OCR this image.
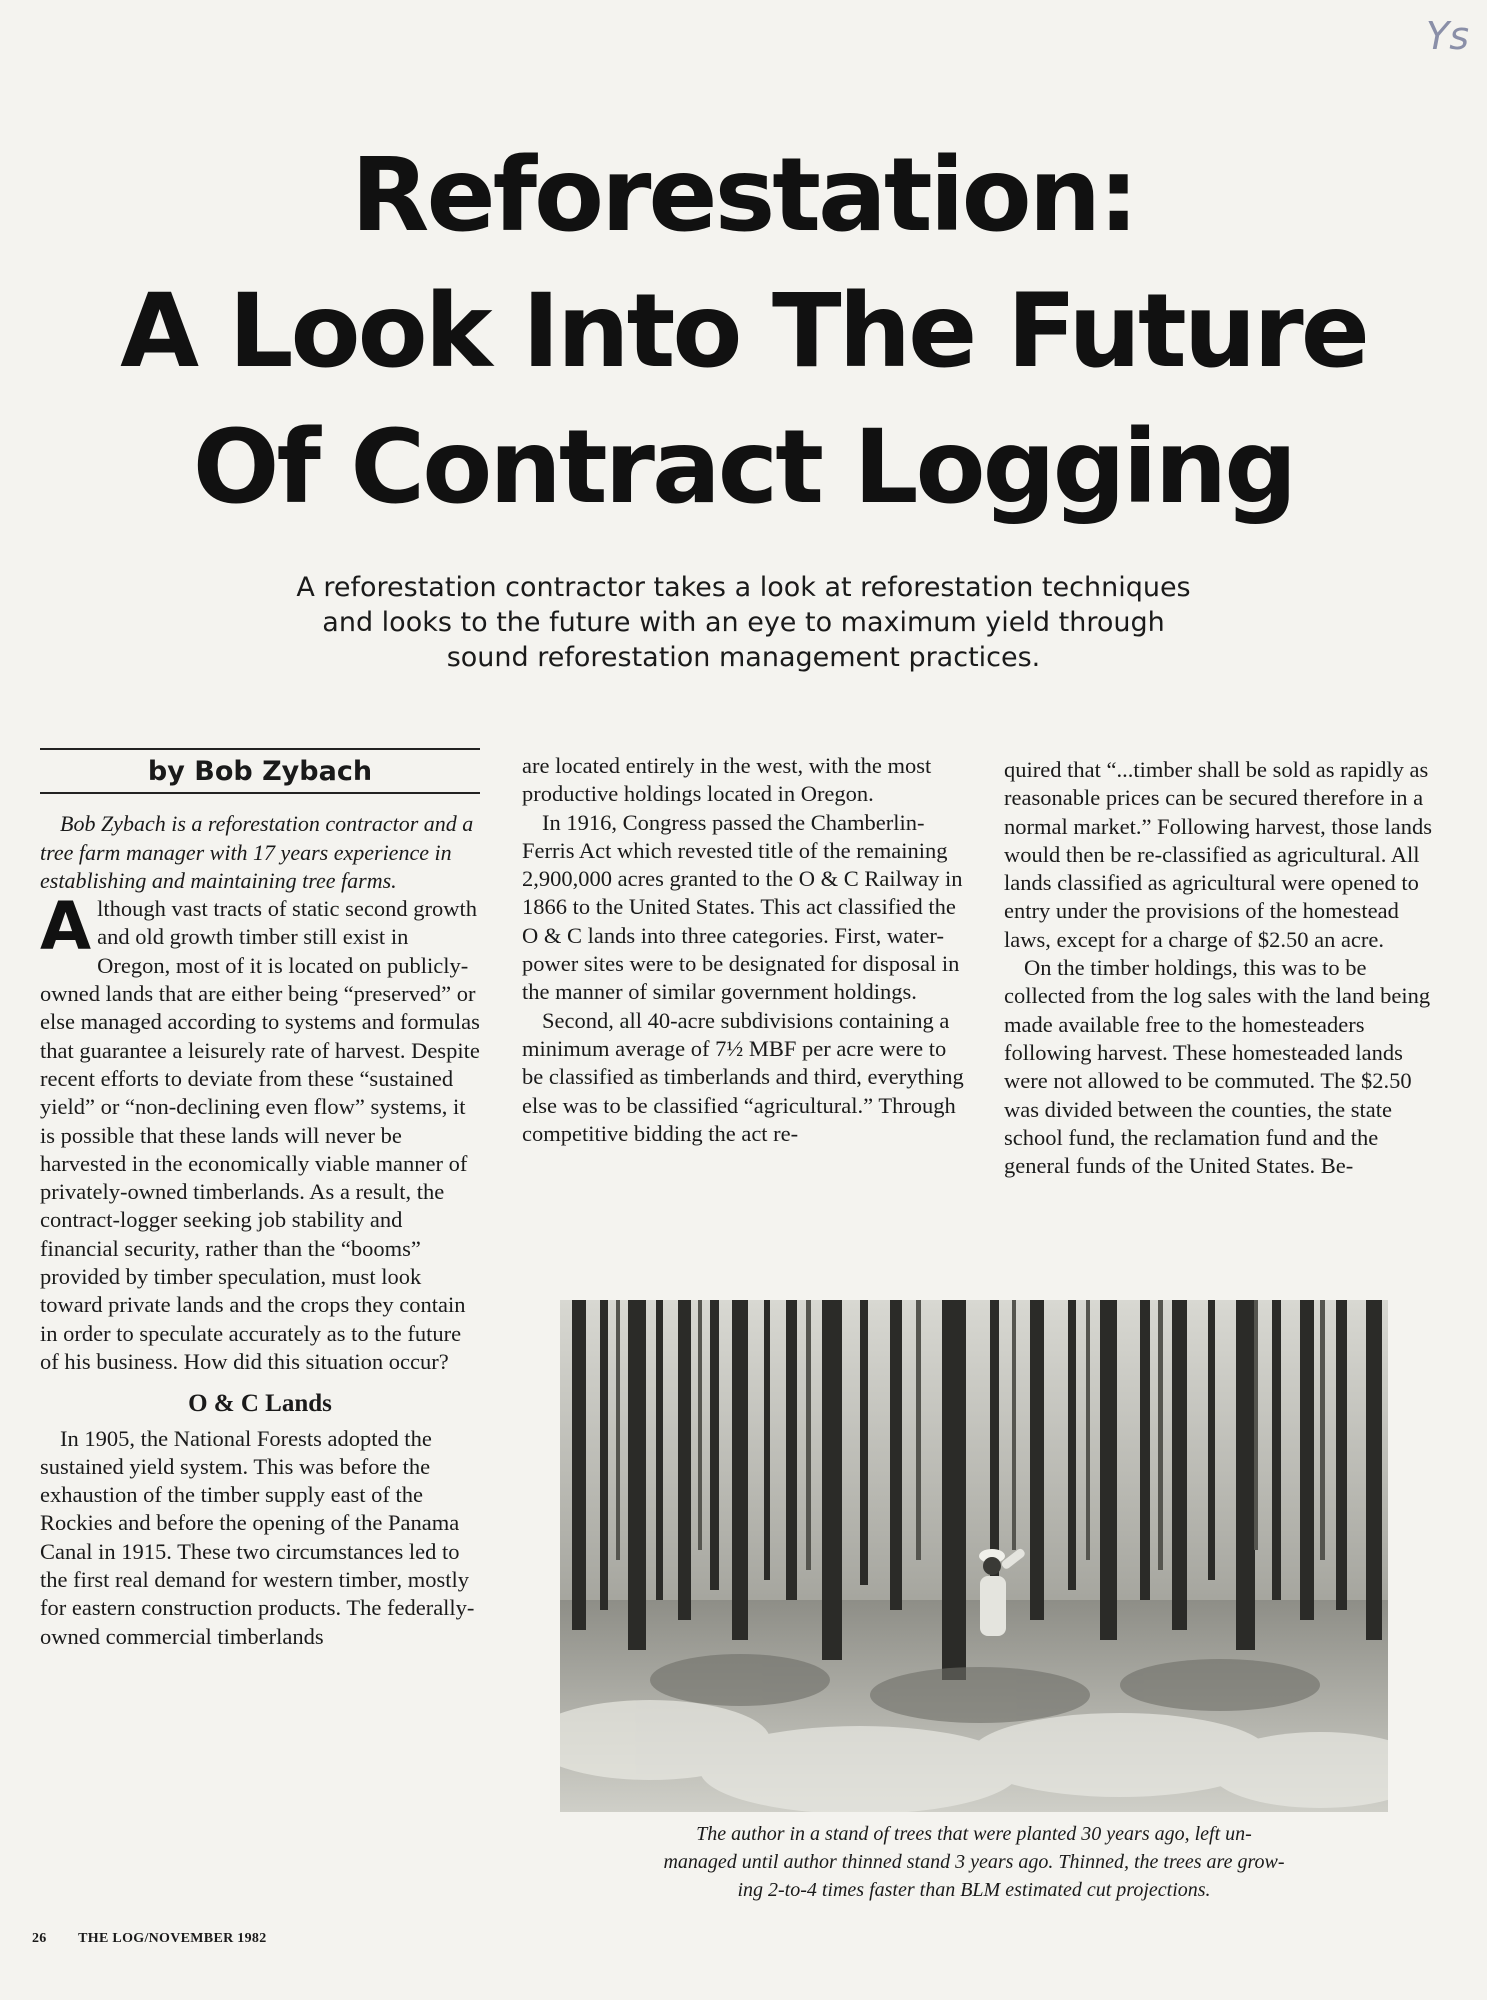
Ys
Reforestation:
A Look Into The Future
Of Contract Logging

A reforestation contractor takes a look at reforestation techniques
and looks to the future with an eye to maximum yield through
sound reforestation management practices.

by Bob Zybach

Bob Zybach is a reforestation contractor and a tree farm manager with 17 years experience in establishing and maintaining tree farms.

Although vast tracts of static second growth and old growth timber still exist in Oregon, most of it is located on publicly-owned lands that are either being “preserved” or else managed according to systems and formulas that guarantee a leisurely rate of harvest. Despite recent efforts to deviate from these “sustained yield” or “non-declining even flow” systems, it is possible that these lands will never be harvested in the economically viable manner of privately-owned timberlands. As a result, the contract-logger seeking job stability and financial security, rather than the “booms” provided by timber speculation, must look toward private lands and the crops they contain in order to speculate accurately as to the future of his business. How did this situation occur?

O & C Lands

In 1905, the National Forests adopted the sustained yield system. This was before the exhaustion of the timber supply east of the Rockies and before the opening of the Panama Canal in 1915. These two circumstances led to the first real demand for western timber, mostly for eastern construction products. The federally-owned commercial timberlands

are located entirely in the west, with the most productive holdings located in Oregon.

In 1916, Congress passed the Chamberlin-Ferris Act which revested title of the remaining 2,900,000 acres granted to the O & C Railway in 1866 to the United States. This act classified the O & C lands into three categories. First, water-power sites were to be designated for disposal in the manner of similar government holdings.

Second, all 40-acre subdivisions containing a minimum average of 7½ MBF per acre were to be classified as timberlands and third, everything else was to be classified “agricultural.” Through competitive bidding the act re-

quired that “...timber shall be sold as rapidly as reasonable prices can be secured therefore in a normal market.” Following harvest, those lands would then be re-classified as agricultural. All lands classified as agricultural were opened to entry under the provisions of the homestead laws, except for a charge of $2.50 an acre.

On the timber holdings, this was to be collected from the log sales with the land being made available free to the homesteaders following harvest. These homesteaded lands were not allowed to be commuted. The $2.50 was divided between the counties, the state school fund, the reclamation fund and the general funds of the United States. Be-

The author in a stand of trees that were planted 30 years ago, left un-
managed until author thinned stand 3 years ago. Thinned, the trees are grow-
ing 2-to-4 times faster than BLM estimated cut projections.

26 THE LOG/NOVEMBER 1982
